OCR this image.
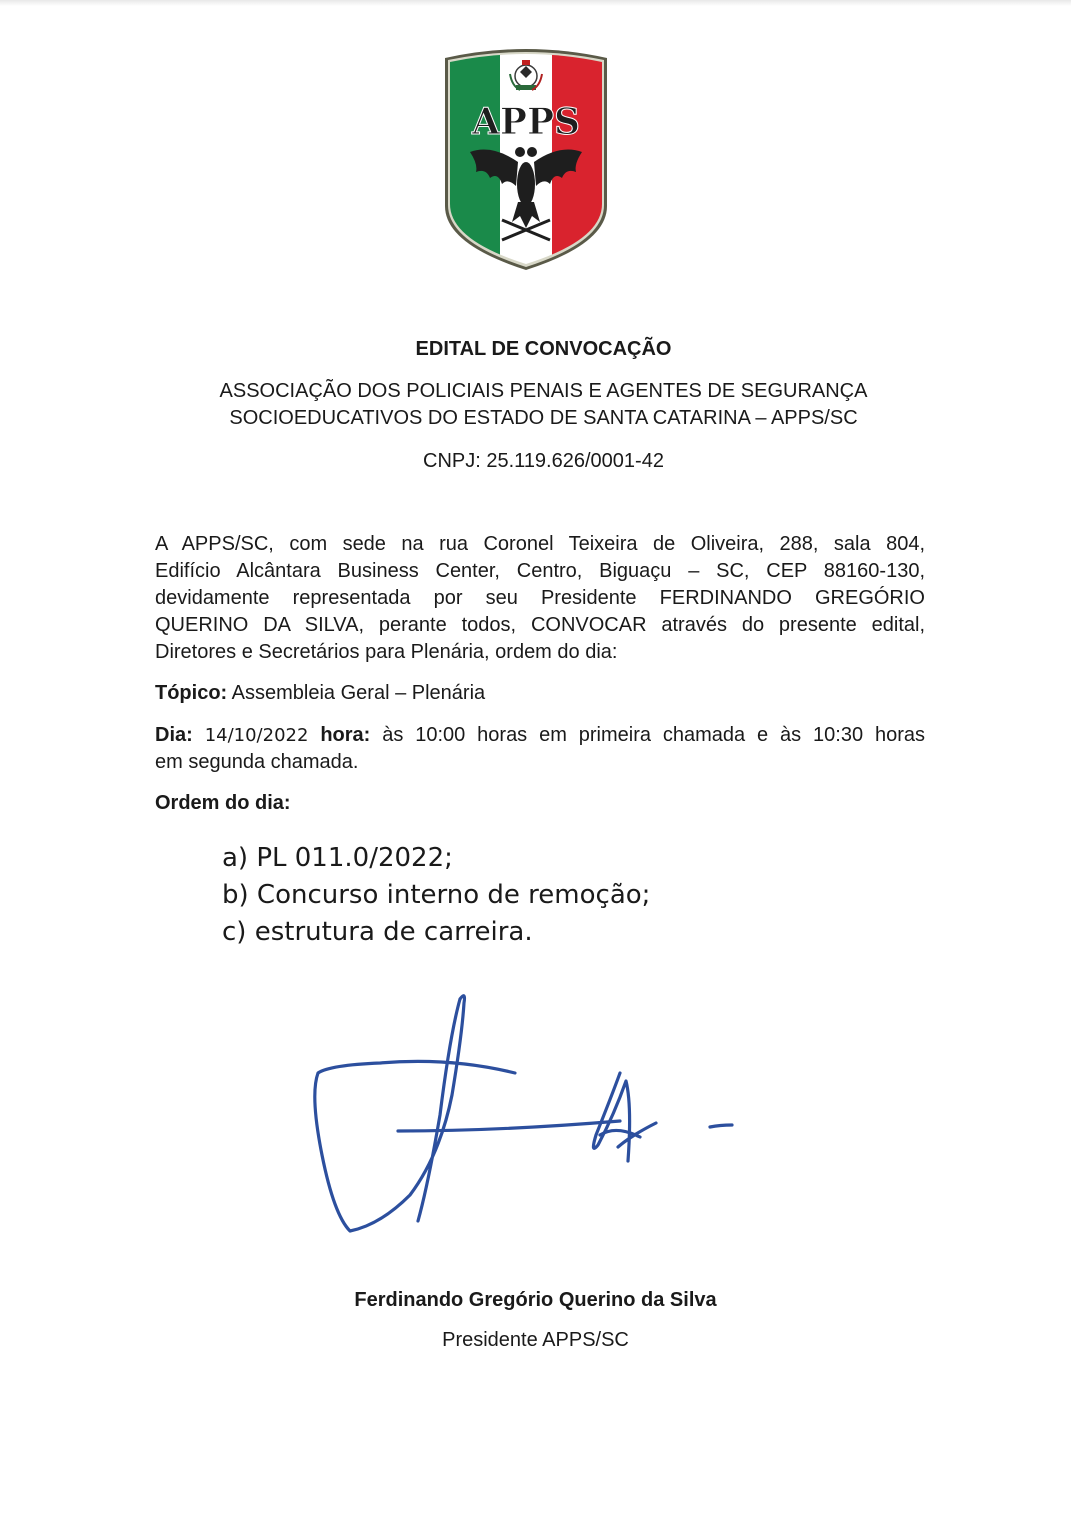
APPS
EDITAL DE CONVOCAÇÃO
ASSOCIAÇÃO DOS POLICIAIS PENAIS E AGENTES DE SEGURANÇA
SOCIOEDUCATIVOS DO ESTADO DE SANTA CATARINA – APPS/SC
CNPJ: 25.119.626/0001-42
A APPS/SC, com sede na rua Coronel Teixeira de Oliveira, 288, sala 804,
Edifício Alcântara Business Center, Centro, Biguaçu – SC, CEP 88160-130,
devidamente representada por seu Presidente FERDINANDO GREGÓRIO
QUERINO DA SILVA, perante todos, CONVOCAR através do presente edital,
Diretores e Secretários para Plenária, ordem do dia:
Tópico: Assembleia Geral – Plenária
Dia: 14/10/2022 hora: às 10:00 horas em primeira chamada e às 10:30 horas
em segunda chamada.
Ordem do dia:
a) PL 011.0/2022;
b) Concurso interno de remoção;
c) estrutura de carreira.
Ferdinando Gregório Querino da Silva
Presidente APPS/SC
